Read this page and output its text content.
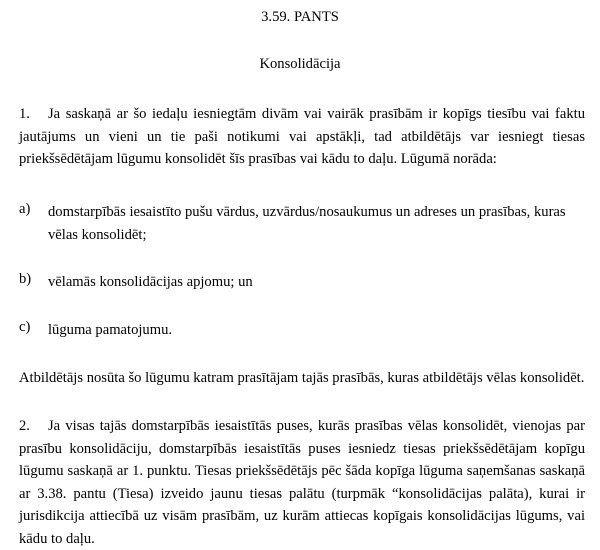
3.59. PANTS
Konsolidācija
1. Ja saskaņā ar šo iedaļu iesniegtām divām vai vairāk prasībām ir kopīgs tiesību vai faktu jautājums un vieni un tie paši notikumi vai apstākļi, tad atbildētājs var iesniegt tiesas priekšsēdētājam lūgumu konsolidēt šīs prasības vai kādu to daļu. Lūgumā norāda:
a) domstarpībās iesaistīto pušu vārdus, uzvārdus/nosaukumus un adreses un prasības, kuras vēlas konsolidēt;
b) vēlamās konsolidācijas apjomu; un
c) lūguma pamatojumu.
Atbildētājs nosūta šo lūgumu katram prasītājam tajās prasībās, kuras atbildētājs vēlas konsolidēt.
2. Ja visas tajās domstarpībās iesaistītās puses, kurās prasības vēlas konsolidēt, vienojas par prasību konsolidāciju, domstarpībās iesaistītās puses iesniedz tiesas priekšsēdētājam kopīgu lūgumu saskaņā ar 1. punktu. Tiesas priekšsēdētājs pēc šāda kopīga lūguma saņemšanas saskaņā ar 3.38. pantu (Tiesa) izveido jaunu tiesas palātu (turpmāk “konsolidācijas palāta), kurai ir jurisdikcija attiecībā uz visām prasībām, uz kurām attiecas kopīgais konsolidācijas lūgums, vai kādu to daļu.
